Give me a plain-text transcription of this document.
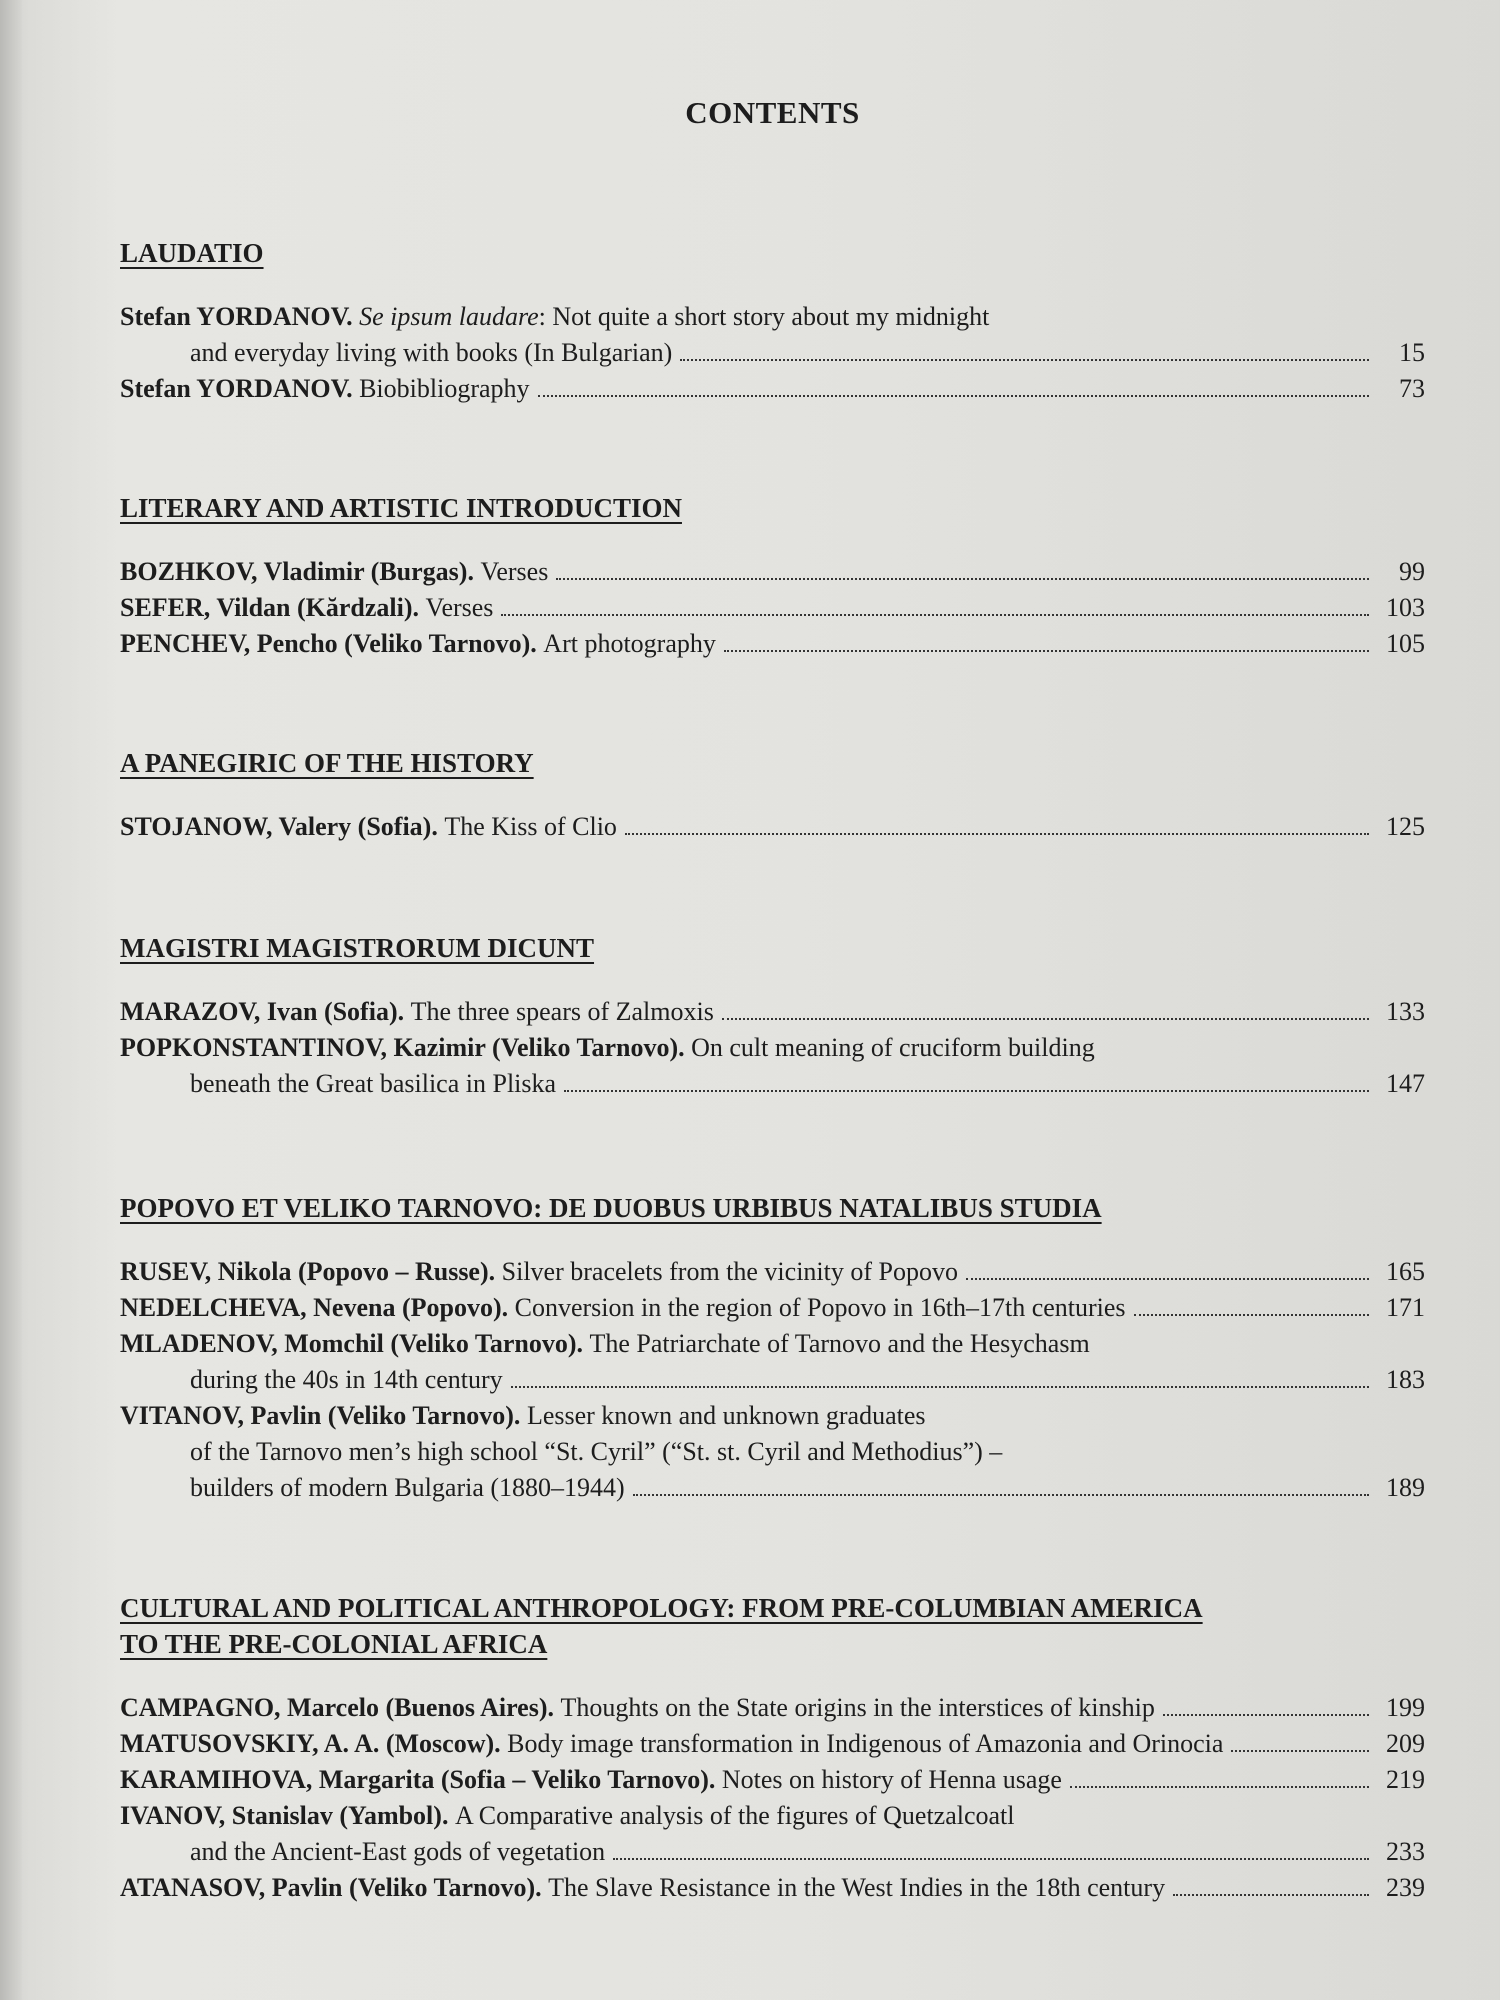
CONTENTS
LAUDATIO
Stefan YORDANOV.
Se ipsum laudare : Not quite a short story about my midnight
and everyday living with books (In Bulgarian)	15
Stefan YORDANOV. Biobibliography	73
LITERARY AND ARTISTIC INTRODUCTION
BOZHKOV, Vladimir (Burgas). Verses	99
SEFER, Vildan (Kărdzali). Verses	103
PENCHEV, Pencho (Veliko Tarnovo). Art photography	105
A PANEGIRIC OF THE HISTORY
STOJANOW, Valery (Sofia). The Kiss of Clio	125
MAGISTRI MAGISTRORUM DICUNT
MARAZOV, Ivan (Sofia). The three spears of Zalmoxis	133
POPKONSTANTINOV, Kazimir (Veliko Tarnovo). On cult meaning of cruciform building
beneath the Great basilica in Pliska	147
POPOVO ET VELIKO TARNOVO: DE DUOBUS URBIBUS NATALIBUS STUDIA
RUSEV, Nikola (Popovo – Russe). Silver bracelets from the vicinity of Popovo	165
NEDELCHEVA, Nevena (Popovo). Conversion in the region of Popovo in 16th–17th centuries	171
MLADENOV, Momchil (Veliko Tarnovo). The Patriarchate of Tarnovo and the Hesychasm
during the 40s in 14th century	183
VITANOV, Pavlin (Veliko Tarnovo). Lesser known and unknown graduates
of the Tarnovo men’s high school “St. Cyril” (“St. st. Cyril and Methodius”) –
builders of modern Bulgaria (1880–1944)	189
CULTURAL AND POLITICAL ANTHROPOLOGY: FROM PRE-COLUMBIAN AMERICA
TO THE PRE-COLONIAL AFRICA
CAMPAGNO, Marcelo (Buenos Aires). Thoughts on the State origins in the interstices of kinship	199
MATUSOVSKIY, A. A. (Moscow). Body image transformation in Indigenous of Amazonia and Orinocia	209
KARAMIHOVA, Margarita (Sofia – Veliko Tarnovo). Notes on history of Henna usage	219
IVANOV, Stanislav (Yambol). A Comparative analysis of the figures of Quetzalcoatl
and the Ancient-East gods of vegetation	233
ATANASOV, Pavlin (Veliko Tarnovo). The Slave Resistance in the West Indies in the 18th century	239
